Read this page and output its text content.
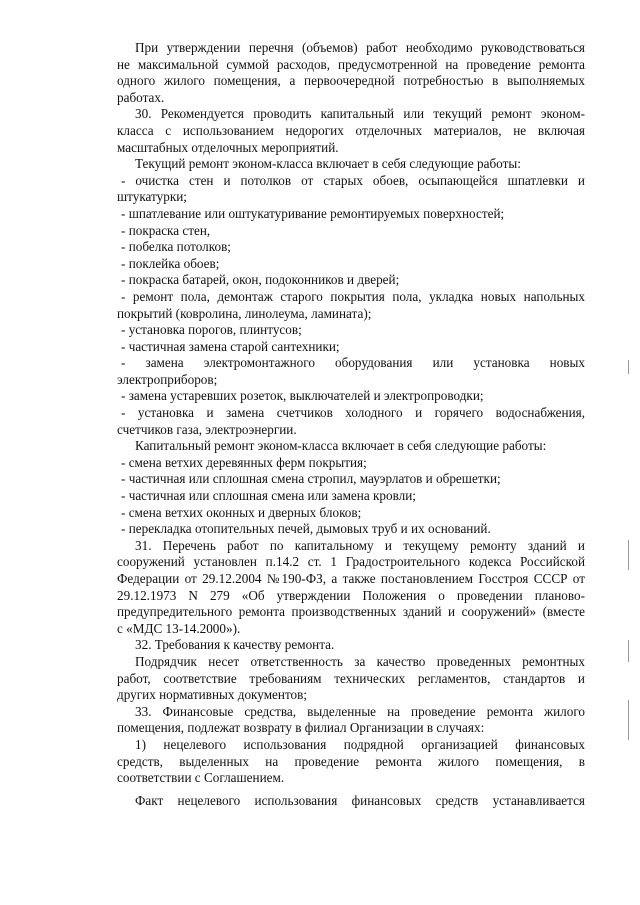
При утверждении перечня (объемов) работ необходимо руководствоваться
не максимальной суммой расходов, предусмотренной на проведение ремонта
одного жилого помещения, а первоочередной потребностью в выполняемых
работах.
30. Рекомендуется проводить капитальный или текущий ремонт эконом-
класса с использованием недорогих отделочных материалов, не включая
масштабных отделочных мероприятий.
Текущий ремонт эконом-класса включает в себя следующие работы:
- очистка стен и потолков от старых обоев, осыпающейся шпатлевки и
штукатурки;
- шпатлевание или оштукатуривание ремонтируемых поверхностей;
- покраска стен,
- побелка потолков;
- поклейка обоев;
- покраска батарей, окон, подоконников и дверей;
- ремонт пола, демонтаж старого покрытия пола, укладка новых напольных
покрытий (ковролина, линолеума, ламината);
- установка порогов, плинтусов;
- частичная замена старой сантехники;
- замена электромонтажного оборудования или установка новых
электроприборов;
- замена устаревших розеток, выключателей и электропроводки;
- установка и замена счетчиков холодного и горячего водоснабжения,
счетчиков газа, электроэнергии.
Капитальный ремонт эконом-класса включает в себя следующие работы:
- смена ветхих деревянных ферм покрытия;
- частичная или сплошная смена стропил, мауэрлатов и обрешетки;
- частичная или сплошная смена или замена кровли;
- смена ветхих оконных и дверных блоков;
- перекладка отопительных печей, дымовых труб и их оснований.
31. Перечень работ по капитальному и текущему ремонту зданий и
сооружений установлен п.14.2 ст. 1 Градостроительного кодекса Российской
Федерации от 29.12.2004 №190-ФЗ, а также постановлением Госстроя СССР от
29.12.1973 N 279 «Об утверждении Положения о проведении планово-
предупредительного ремонта производственных зданий и сооружений» (вместе
с «МДС 13-14.2000»).
32. Требования к качеству ремонта.
Подрядчик несет ответственность за качество проведенных ремонтных
работ, соответствие требованиям технических регламентов, стандартов и
других нормативных документов;
33. Финансовые средства, выделенные на проведение ремонта жилого
помещения, подлежат возврату в филиал Организации в случаях:
1) нецелевого использования подрядной организацией финансовых
средств, выделенных на проведение ремонта жилого помещения, в
соответствии с Соглашением.
Факт нецелевого использования финансовых средств устанавливается
